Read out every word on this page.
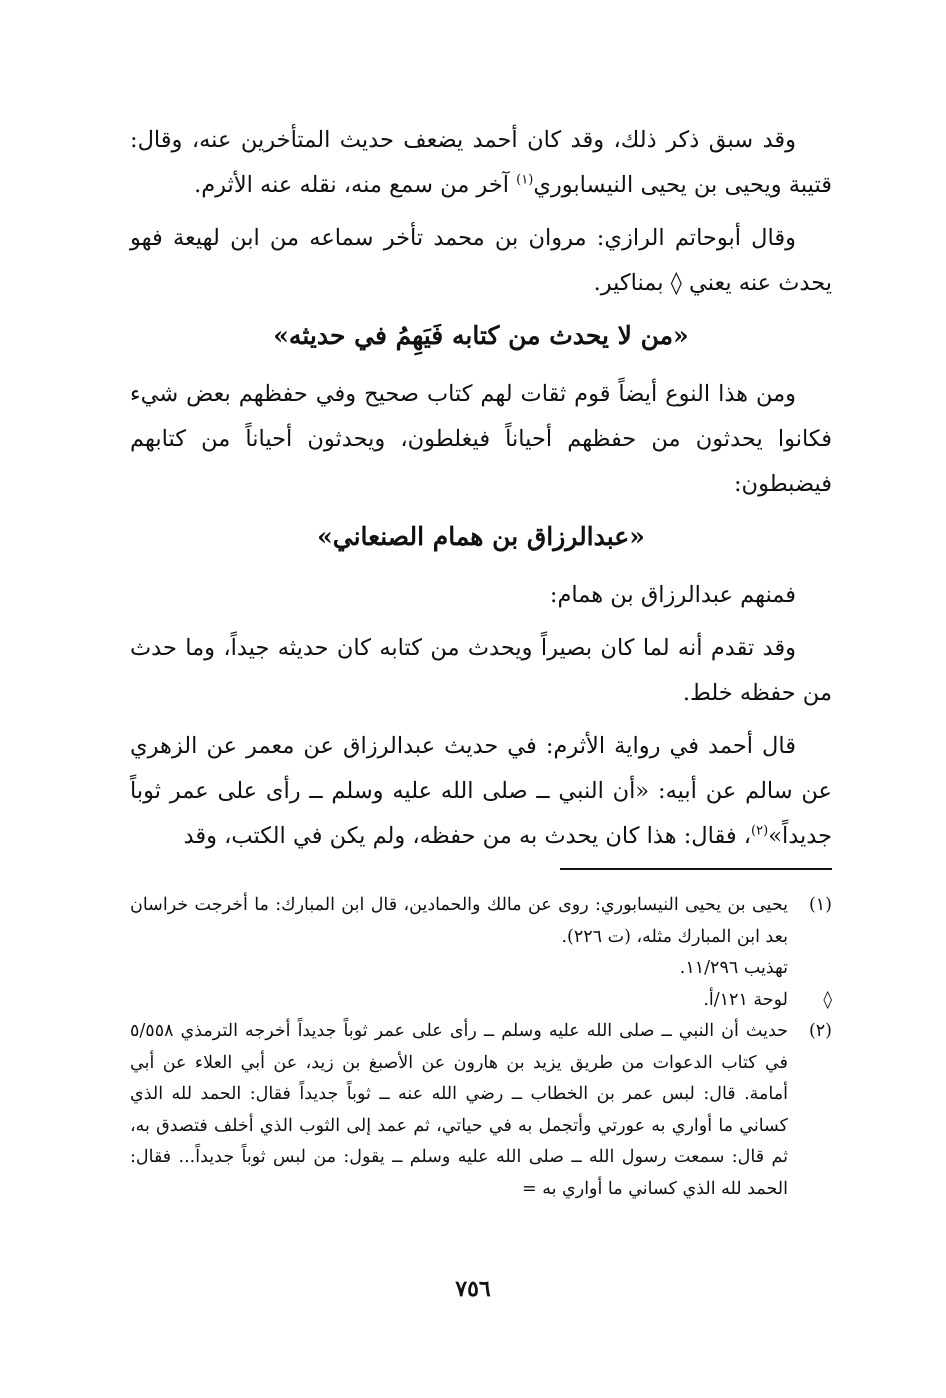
وقد سبق ذكر ذلك، وقد كان أحمد يضعف حديث المتأخرين عنه، وقال: قتيبة ويحيى بن يحيى النيسابوري$^{(١)}$ آخر من سمع منه، نقله عنه الأثرم.

وقال أبوحاتم الرازي: مروان بن محمد تأخر سماعه من ابن لهيعة فهو يحدث عنه يعني ◊ بمناكير.

«من لا يحدث من كتابه فَيَهِمُ في حديثه»

ومن هذا النوع أيضاً قوم ثقات لهم كتاب صحيح وفي حفظهم بعض شيء فكانوا يحدثون من حفظهم أحياناً فيغلطون، ويحدثون أحياناً من كتابهم فيضبطون:

«عبدالرزاق بن همام الصنعاني»

فمنهم عبدالرزاق بن همام:

وقد تقدم أنه لما كان بصيراً ويحدث من كتابه كان حديثه جيداً، وما حدث من حفظه خلط.

قال أحمد في رواية الأثرم: في حديث عبدالرزاق عن معمر عن الزهري عن سالم عن أبيه: «أن النبي ــ صلى الله عليه وسلم ــ رأى على عمر ثوباً جديداً»$^{(٢)}$، فقال: هذا كان يحدث به من حفظه، ولم يكن في الكتب، وقد

(١)
يحيى بن يحيى النيسابوري: روى عن مالك والحمادين، قال ابن المبارك: ما أخرجت خراسان بعد ابن المبارك مثله، (ت ٢٢٦).
تهذيب ١١/٢٩٦.
◊
لوحة ١٢١/أ.
(٢)
حديث أن النبي ــ صلى الله عليه وسلم ــ رأى على عمر ثوباً جديداً أخرجه الترمذي ٥/٥٥٨ في كتاب الدعوات من طريق يزيد بن هارون عن الأصبغ بن زيد، عن أبي العلاء عن أبي أمامة. قال: لبس عمر بن الخطاب ــ رضي الله عنه ــ ثوباً جديداً فقال: الحمد لله الذي كساني ما أواري به عورتي وأتجمل به في حياتي، ثم عمد إلى الثوب الذي أخلف فتصدق به، ثم قال: سمعت رسول الله ــ صلى الله عليه وسلم ــ يقول: من لبس ثوباً جديداً... فقال: الحمد لله الذي كساني ما أواري به =
٧٥٦
